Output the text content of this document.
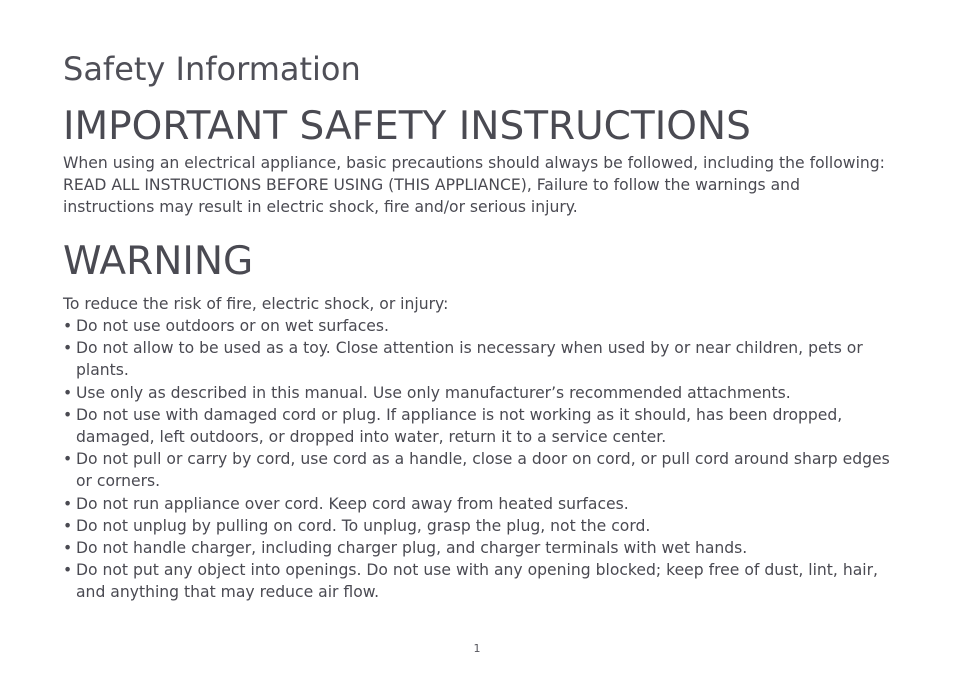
Safety Information
IMPORTANT SAFETY INSTRUCTIONS

When using an electrical appliance, basic precautions should always be followed, including the following: READ ALL INSTRUCTIONS BEFORE USING (THIS APPLIANCE), Failure to follow the warnings and instructions may result in electric shock, fire and/or serious injury.

WARNING

To reduce the risk of fire, electric shock, or injury:

• Do not use outdoors or on wet surfaces.
• Do not allow to be used as a toy. Close attention is necessary when used by or near children, pets or plants.
• Use only as described in this manual. Use only manufacturer’s recommended attachments.
• Do not use with damaged cord or plug. If appliance is not working as it should, has been dropped, damaged, left outdoors, or dropped into water, return it to a service center.
• Do not pull or carry by cord, use cord as a handle, close a door on cord, or pull cord around sharp edges or corners.
• Do not run appliance over cord. Keep cord away from heated surfaces.
• Do not unplug by pulling on cord. To unplug, grasp the plug, not the cord.
• Do not handle charger, including charger plug, and charger terminals with wet hands.
• Do not put any object into openings. Do not use with any opening blocked; keep free of dust, lint, hair, and anything that may reduce air flow.
1
